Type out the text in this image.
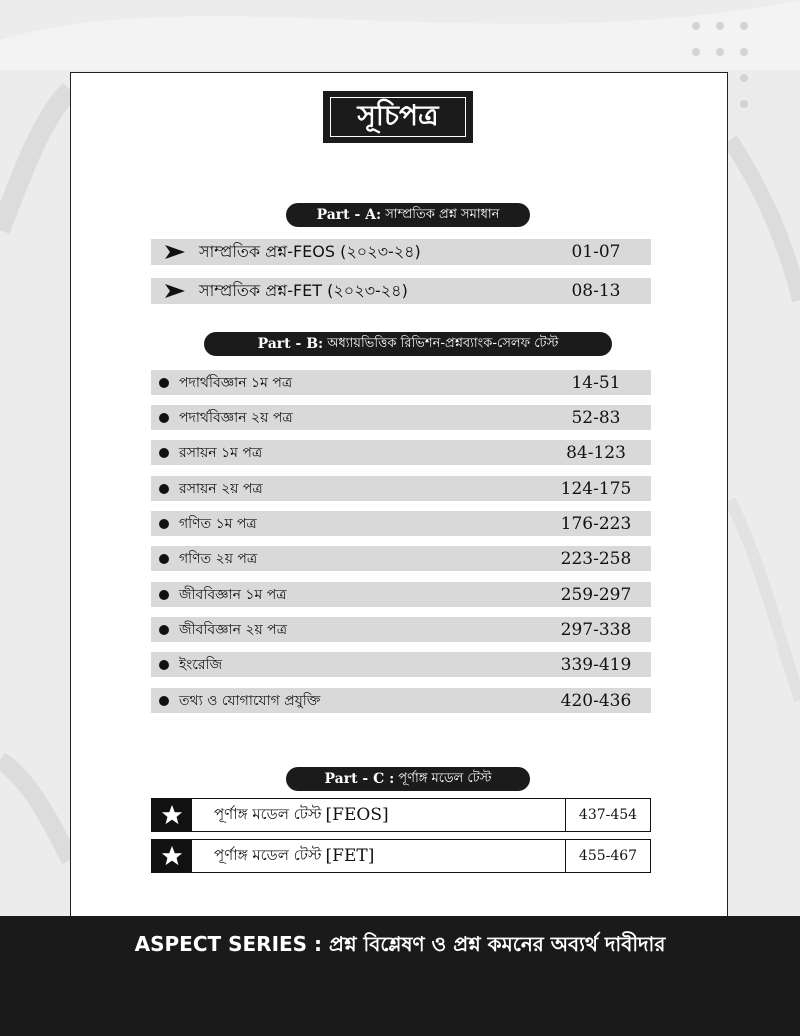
সূচিপত্র
Part - A: সাম্প্রতিক প্রশ্ন সমাধান
সাম্প্রতিক প্রশ্ন-FEOS (২০২৩-২৪)	01-07
সাম্প্রতিক প্রশ্ন-FET (২০২৩-২৪)	08-13
Part - B: অধ্যায়ভিত্তিক রিভিশন-প্রশ্নব্যাংক-সেলফ টেস্ট
পদার্থবিজ্ঞান ১ম পত্র	14-51
পদার্থবিজ্ঞান ২য় পত্র	52-83
রসায়ন ১ম পত্র	84-123
রসায়ন ২য় পত্র	124-175
গণিত ১ম পত্র	176-223
গণিত ২য় পত্র	223-258
জীববিজ্ঞান ১ম পত্র	259-297
জীববিজ্ঞান ২য় পত্র	297-338
ইংরেজি	339-419
তথ্য ও যোগাযোগ প্রযুক্তি	420-436
Part - C : পূর্ণাঙ্গ মডেল টেস্ট
পূর্ণাঙ্গ মডেল টেস্ট [FEOS]	437-454
পূর্ণাঙ্গ মডেল টেস্ট [FET]	455-467
ASPECT SERIES : প্রশ্ন বিশ্লেষণ ও প্রশ্ন কমনের অব্যর্থ দাবীদার
